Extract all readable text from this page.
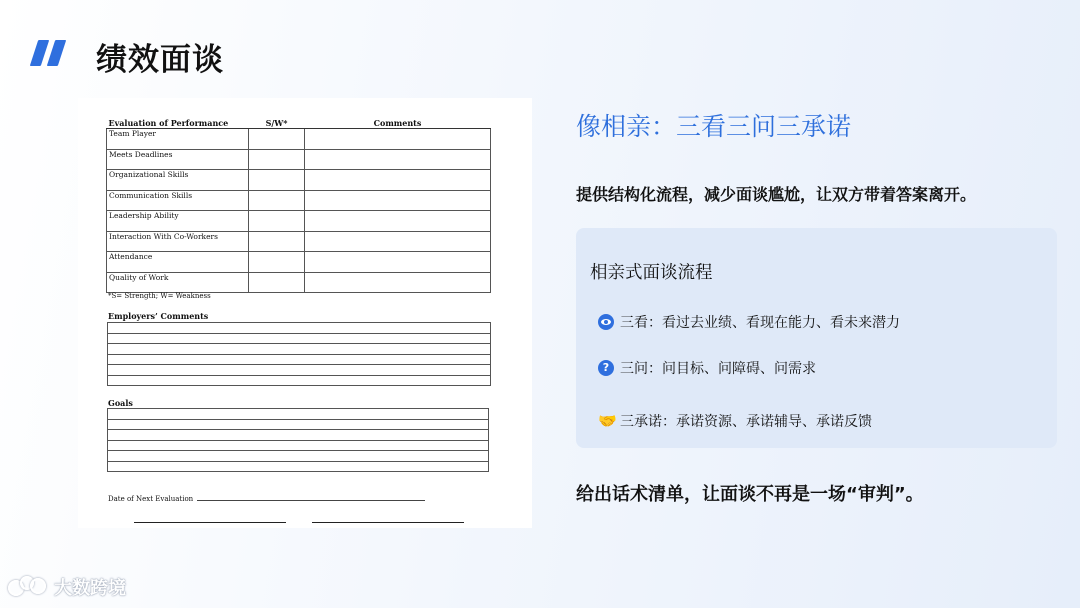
绩效面谈
Evaluation of Performance	S/W*	Comments
Team Player		
Meets Deadlines		
Organizational Skills		
Communication Skills		
Leadership Ability		
Interaction With Co-Workers		
Attendance		
Quality of Work		
*S= Strength; W= Weakness
Employers’ Comments
Goals
Date of Next Evaluation
像相亲：三看三问三承诺
提供结构化流程，减少面谈尴尬，让双方带着答案离开。
相亲式面谈流程
三看：看过去业绩、看现在能力、看未来潜力
? 三问：问目标、问障碍、问需求
🤝 三承诺：承诺资源、承诺辅导、承诺反馈
给出话术清单，让面谈不再是一场“审判”。
大数跨境
